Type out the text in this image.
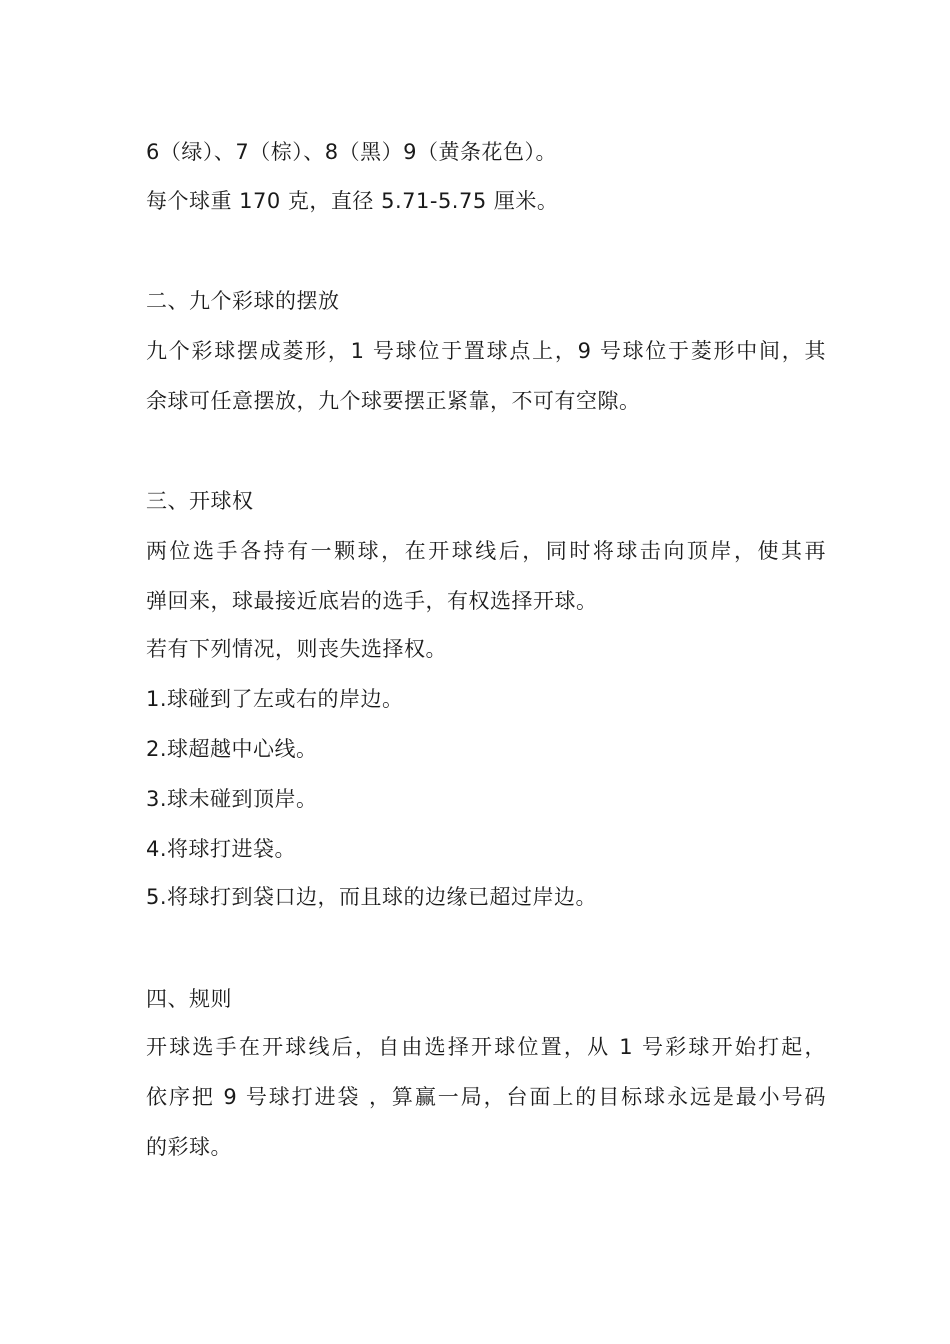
6（绿）、7（棕）、8（黑）9（黄条花色）。
每个球重 170 克，直径 5.71-5.75 厘米。
二、九个彩球的摆放
九个彩球摆成菱形，1 号球位于置球点上，9 号球位于菱形中间，其
余球可任意摆放，九个球要摆正紧靠，不可有空隙。
三、开球权
两位选手各持有一颗球，在开球线后，同时将球击向顶岸，使其再
弹回来，球最接近底岩的选手，有权选择开球。
若有下列情况，则丧失选择权。
1.球碰到了左或右的岸边。
2.球超越中心线。
3.球未碰到顶岸。
4.将球打进袋。
5.将球打到袋口边，而且球的边缘已超过岸边。
四、规则
开球选手在开球线后，自由选择开球位置，从 1 号彩球开始打起，
依序把 9 号球打进袋 ，算赢一局，台面上的目标球永远是最小号码
的彩球。
